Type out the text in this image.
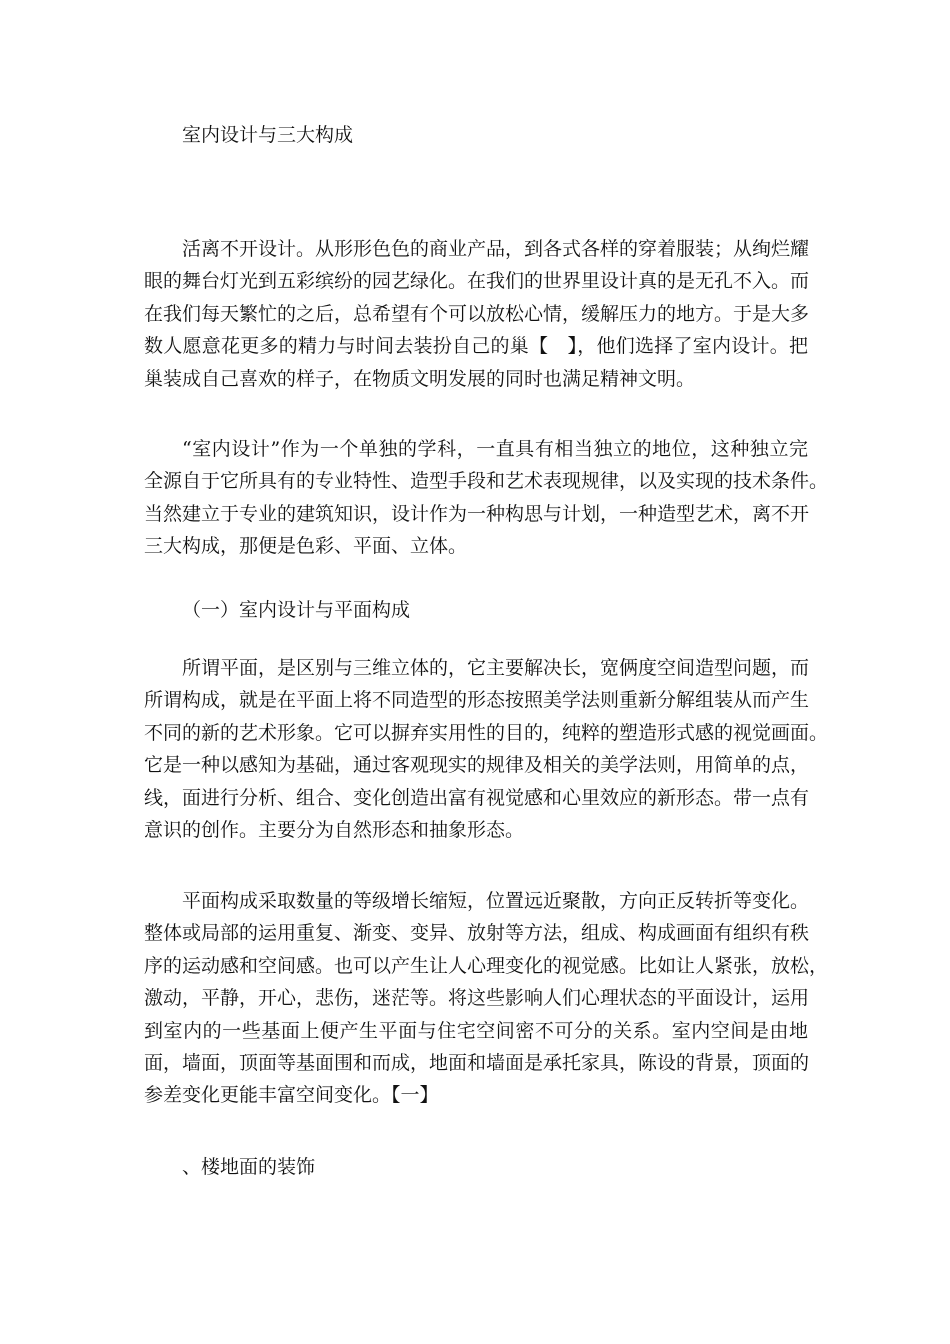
室内设计与三大构成
活离不开设计。从形形色色的商业产品，到各式各样的穿着服装；从绚烂耀
眼的舞台灯光到五彩缤纷的园艺绿化。在我们的世界里设计真的是无孔不入。而
在我们每天繁忙的之后，总希望有个可以放松心情，缓解压力的地方。于是大多
数人愿意花更多的精力与时间去装扮自己的巢【　】，他们选择了室内设计。把
巢装成自己喜欢的样子，在物质文明发展的同时也满足精神文明。
“室内设计”作为一个单独的学科，一直具有相当独立的地位，这种独立完
全源自于它所具有的专业特性、造型手段和艺术表现规律，以及实现的技术条件。
当然建立于专业的建筑知识，设计作为一种构思与计划，一种造型艺术，离不开
三大构成，那便是色彩、平面、立体。
（一）室内设计与平面构成
所谓平面，是区别与三维立体的，它主要解决长，宽俩度空间造型问题，而
所谓构成，就是在平面上将不同造型的形态按照美学法则重新分解组装从而产生
不同的新的艺术形象。它可以摒弃实用性的目的，纯粹的塑造形式感的视觉画面。
它是一种以感知为基础，通过客观现实的规律及相关的美学法则，用简单的点，
线，面进行分析、组合、变化创造出富有视觉感和心里效应的新形态。带一点有
意识的创作。主要分为自然形态和抽象形态。
平面构成采取数量的等级增长缩短，位置远近聚散，方向正反转折等变化。
整体或局部的运用重复、渐变、变异、放射等方法，组成、构成画面有组织有秩
序的运动感和空间感。也可以产生让人心理变化的视觉感。比如让人紧张，放松，
激动，平静，开心，悲伤，迷茫等。将这些影响人们心理状态的平面设计，运用
到室内的一些基面上便产生平面与住宅空间密不可分的关系。室内空间是由地
面，墙面，顶面等基面围和而成，地面和墙面是承托家具，陈设的背景，顶面的
参差变化更能丰富空间变化。【一】
、楼地面的装饰
